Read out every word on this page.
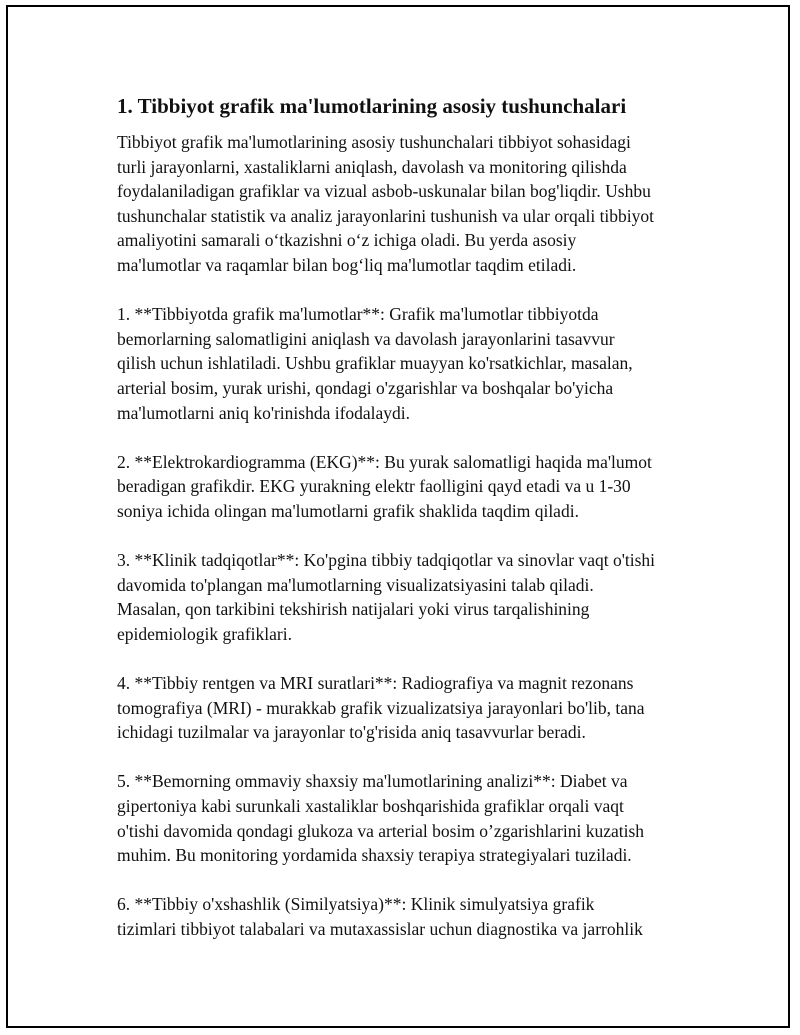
1. Tibbiyot grafik ma'lumotlarining asosiy tushunchalari

Tibbiyot grafik ma'lumotlarining asosiy tushunchalari tibbiyot sohasidagi
turli jarayonlarni, xastaliklarni aniqlash, davolash va monitoring qilishda
foydalaniladigan grafiklar va vizual asbob-uskunalar bilan bog'liqdir. Ushbu
tushunchalar statistik va analiz jarayonlarini tushunish va ular orqali tibbiyot
amaliyotini samarali o‘tkazishni o‘z ichiga oladi. Bu yerda asosiy
ma'lumotlar va raqamlar bilan bog‘liq ma'lumotlar taqdim etiladi.

1. **Tibbiyotda grafik ma'lumotlar**: Grafik ma'lumotlar tibbiyotda
bemorlarning salomatligini aniqlash va davolash jarayonlarini tasavvur
qilish uchun ishlatiladi. Ushbu grafiklar muayyan ko'rsatkichlar, masalan,
arterial bosim, yurak urishi, qondagi o'zgarishlar va boshqalar bo'yicha
ma'lumotlarni aniq ko'rinishda ifodalaydi.

2. **Elektrokardiogramma (EKG)**: Bu yurak salomatligi haqida ma'lumot
beradigan grafikdir. EKG yurakning elektr faolligini qayd etadi va u 1-30
soniya ichida olingan ma'lumotlarni grafik shaklida taqdim qiladi.

3. **Klinik tadqiqotlar**: Ko'pgina tibbiy tadqiqotlar va sinovlar vaqt o'tishi
davomida to'plangan ma'lumotlarning visualizatsiyasini talab qiladi.
Masalan, qon tarkibini tekshirish natijalari yoki virus tarqalishining
epidemiologik grafiklari.

4. **Tibbiy rentgen va MRI suratlari**: Radiografiya va magnit rezonans
tomografiya (MRI) - murakkab grafik vizualizatsiya jarayonlari bo'lib, tana
ichidagi tuzilmalar va jarayonlar to'g'risida aniq tasavvurlar beradi.

5. **Bemorning ommaviy shaxsiy ma'lumotlarining analizi**: Diabet va
gipertoniya kabi surunkali xastaliklar boshqarishida grafiklar orqali vaqt
o'tishi davomida qondagi glukoza va arterial bosim o’zgarishlarini kuzatish
muhim. Bu monitoring yordamida shaxsiy terapiya strategiyalari tuziladi.

6. **Tibbiy o'xshashlik (Similyatsiya)**: Klinik simulyatsiya grafik
tizimlari tibbiyot talabalari va mutaxassislar uchun diagnostika va jarrohlik
